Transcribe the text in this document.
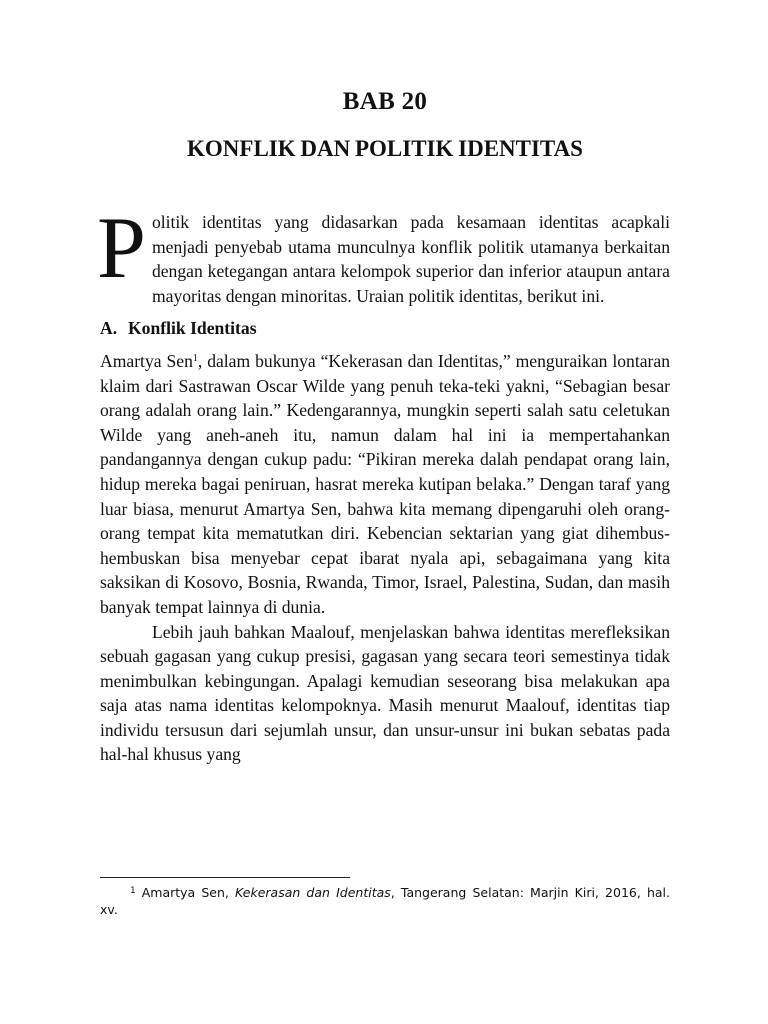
BAB 20
KONFLIK DAN POLITIK IDENTITAS

Politik identitas yang didasarkan pada kesamaan identitas acapkali menjadi penyebab utama munculnya konflik politik utamanya berkaitan dengan ketegangan antara kelompok superior dan inferior ataupun antara mayoritas dengan minoritas. Uraian politik identitas, berikut ini.

A. Konflik Identitas

Amartya Sen$^1$, dalam bukunya “Kekerasan dan Identitas,” menguraikan lontaran klaim dari Sastrawan Oscar Wilde yang penuh teka-teki yakni, “Sebagian besar orang adalah orang lain.” Kedengarannya, mungkin seperti salah satu celetukan Wilde yang aneh-aneh itu, namun dalam hal ini ia mempertahankan pandangannya dengan cukup padu: “Pikiran mereka dalah pendapat orang lain, hidup mereka bagai peniruan, hasrat mereka kutipan belaka.” Dengan taraf yang luar biasa, menurut Amartya Sen, bahwa kita memang dipengaruhi oleh orang-orang tempat kita mematutkan diri. Kebencian sektarian yang giat dihembus-hembuskan bisa menyebar cepat ibarat nyala api, sebagaimana yang kita saksikan di Kosovo, Bosnia, Rwanda, Timor, Israel, Palestina, Sudan, dan masih banyak tempat lainnya di dunia.

Lebih jauh bahkan Maalouf, menjelaskan bahwa identitas merefleksikan sebuah gagasan yang cukup presisi, gagasan yang secara teori semestinya tidak menimbulkan kebingungan. Apalagi kemudian seseorang bisa melakukan apa saja atas nama identitas kelompoknya. Masih menurut Maalouf, identitas tiap individu tersusun dari sejumlah unsur, dan unsur-unsur ini bukan sebatas pada hal-hal khusus yang

1 Amartya Sen, Kekerasan dan Identitas, Tangerang Selatan: Marjin Kiri, 2016, hal. xv.
